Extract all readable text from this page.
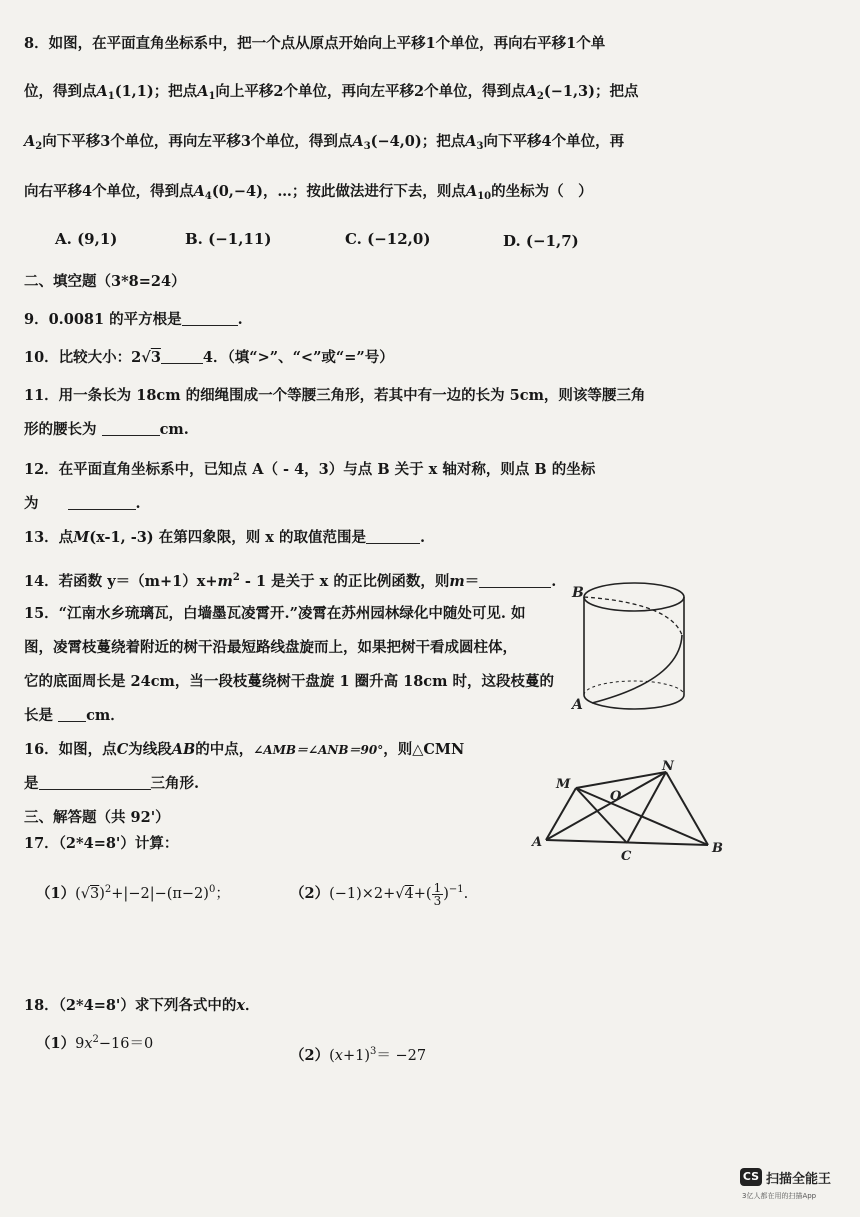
8．如图，在平面直角坐标系中，把一个点从原点开始向上平移1个单位，再向右平移1个单
位，得到点$A_1(1,1)$；把点$A_1$向上平移2个单位，再向左平移2个单位，得到点$A_2(-1,3)$；把点
$A_2$向下平移3个单位，再向左平移3个单位，得到点$A_3(-4,0)$；把点$A_3$向下平移4个单位，再
向右平移4个单位，得到点$A_4(0,-4)$，…；按此做法进行下去，则点$A_{10}$的坐标为（　）
A. (9,1)	B. (−1,11)	C. (−12,0)	D. (−1,7)
二、填空题（3*8=24）
9．0.0081 的平方根是	.
10．比较大小：2√3	4．（填“>”、“<”或“=”号）
11．用一条长为 18cm 的细绳围成一个等腰三角形，若其中有一边的长为 5cm，则该等腰三角
形的腰长为	cm.
12．在平面直角坐标系中，已知点 A（ - 4，3）与点 B 关于 x 轴对称，则点 B 的坐标
为　　	.
13．点M(x-1, -3) 在第四象限，则 x 的取值范围是	.
14．若函数 $y=(m+1)x+m^2 - 1$ 是关于 x 的正比例函数，则m＝	.
15．“江南水乡琉璃瓦，白墙墨瓦凌霄开.”凌霄在苏州园林绿化中随处可见. 如
图，凌霄枝蔓绕着附近的树干沿最短路线盘旋而上，如果把树干看成圆柱体，
它的底面周长是 24cm，当一段枝蔓绕树干盘旋 1 圈升高 18cm 时，这段枝蔓的
长是 cm．
16．如图，点C为线段AB的中点，∠AMB＝∠ANB＝90°，则△CMN
是	三角形.
三、解答题（共 92'）
17．（2*4=8'）计算：
$(1)(√3)^2+|-2|-(\pi-2)^0$；	$(2)(-1)\times 2+√4+( \frac{1}{3} )^{-1}$.
18．（2*4=8'）求下列各式中的x．
$(1)9x^2-16=0$
$(2)(x+1)^3= -27$
B
A
M
N
O
A	B
C
CS 扫描全能王
3亿人都在用的扫描App
